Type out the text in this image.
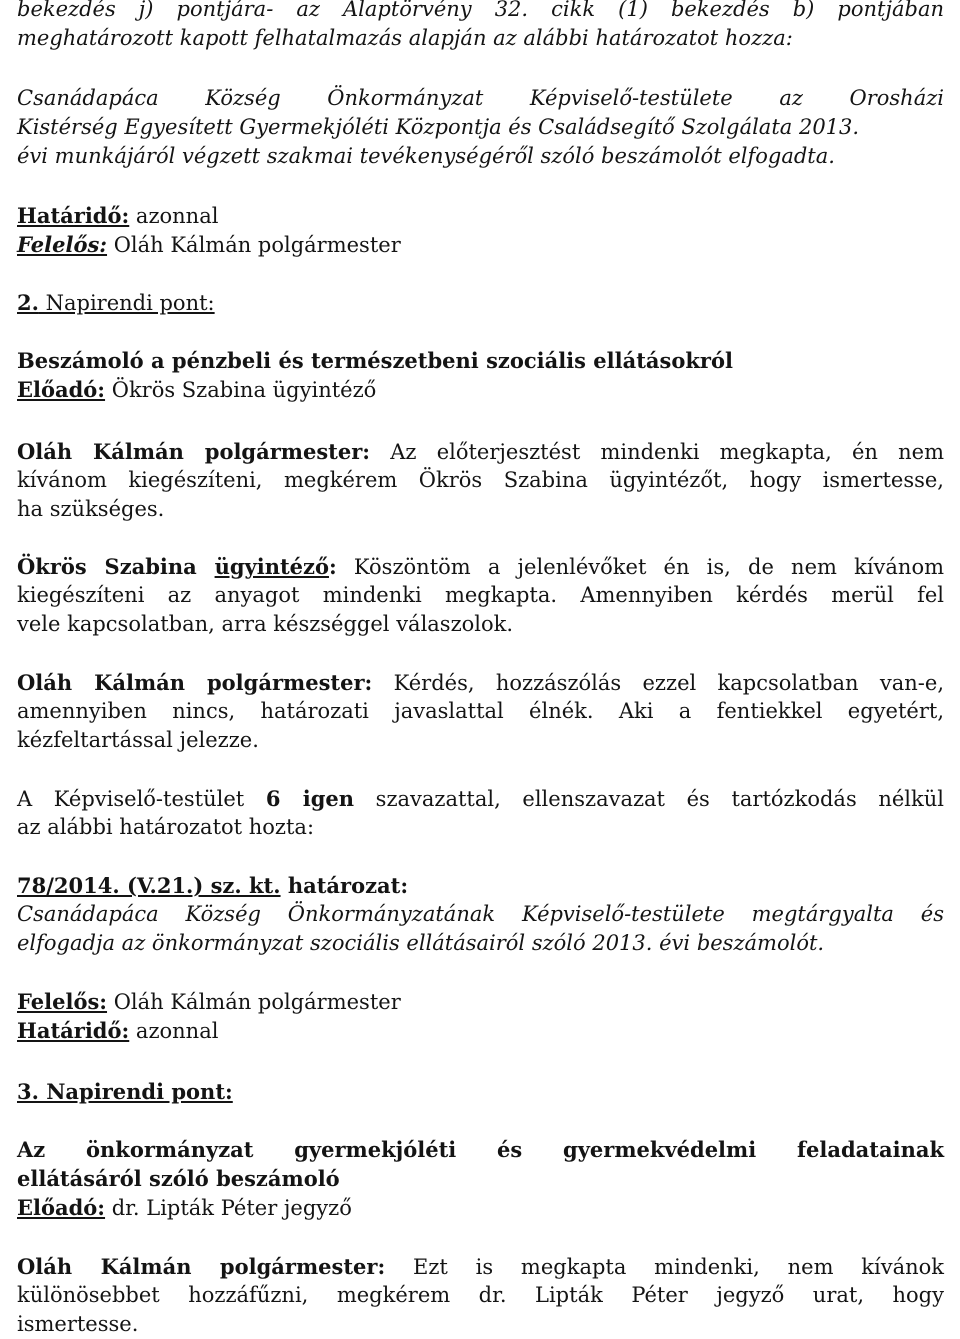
bekezdés j) pontjára- az Alaptörvény 32. cikk (1) bekezdés b) pontjában
meghatározott kapott felhatalmazás alapján az alábbi határozatot hozza:
Csanádapáca Község Önkormányzat Képviselő-testülete az Orosházi
Kistérség Egyesített Gyermekjóléti Központja és Családsegítő Szolgálata 2013.
évi munkájáról végzett szakmai tevékenységéről szóló beszámolót elfogadta.
Határidő: azonnal
Felelős: Oláh Kálmán polgármester
2. Napirendi pont:
Beszámoló a pénzbeli és természetbeni szociális ellátásokról
Előadó: Ökrös Szabina ügyintéző
Oláh Kálmán polgármester: Az előterjesztést mindenki megkapta, én nem
kívánom kiegészíteni, megkérem Ökrös Szabina ügyintézőt, hogy ismertesse,
ha szükséges.
Ökrös Szabina ügyintéző: Köszöntöm a jelenlévőket én is, de nem kívánom
kiegészíteni az anyagot mindenki megkapta. Amennyiben kérdés merül fel
vele kapcsolatban, arra készséggel válaszolok.
Oláh Kálmán polgármester: Kérdés, hozzászólás ezzel kapcsolatban van-e,
amennyiben nincs, határozati javaslattal élnék. Aki a fentiekkel egyetért,
kézfeltartással jelezze.
A Képviselő-testület 6 igen szavazattal, ellenszavazat és tartózkodás nélkül
az alábbi határozatot hozta:
78/2014. (V.21.) sz. kt. határozat:
Csanádapáca Község Önkormányzatának Képviselő-testülete megtárgyalta és
elfogadja az önkormányzat szociális ellátásairól szóló 2013. évi beszámolót.
Felelős: Oláh Kálmán polgármester
Határidő: azonnal
3. Napirendi pont:
Az önkormányzat gyermekjóléti és gyermekvédelmi feladatainak
ellátásáról szóló beszámoló
Előadó: dr. Lipták Péter jegyző
Oláh Kálmán polgármester: Ezt is megkapta mindenki, nem kívánok
különösebbet hozzáfűzni, megkérem dr. Lipták Péter jegyző urat, hogy
ismertesse.
